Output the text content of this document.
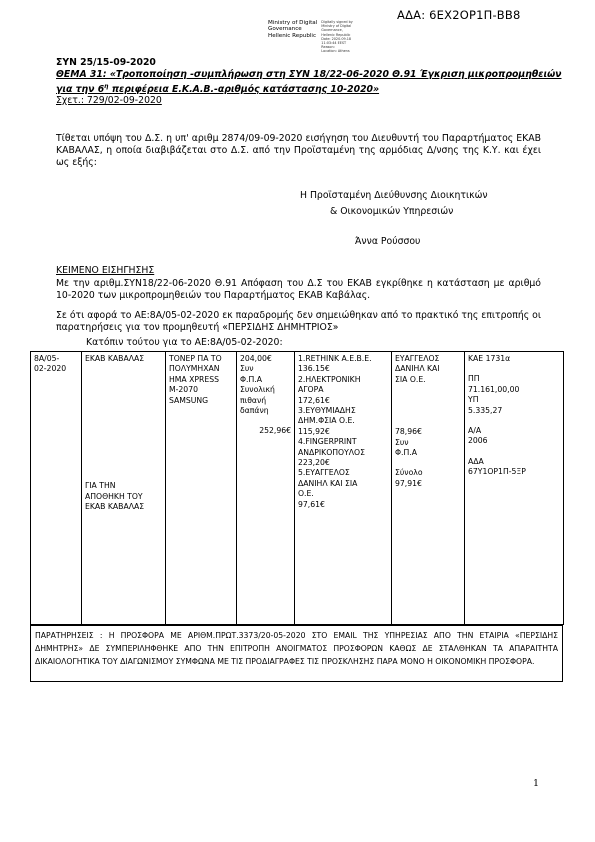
ΑΔΑ: 6ΕΧ2ΟΡ1Π-ΒΒ8
Ministry of Digital
Governance
Hellenic Republic
Digitally signed by
Ministry of Digital
Governance,
Hellenic Republic
Date: 2020.09.18
11:03:44 EEST
Reason:
Location: Athens
ΣΥΝ 25/15-09-2020
ΘΕΜΑ 31: «Τροποποίηση -συμπλήρωση στη ΣΥΝ 18/22-06-2020 Θ.91 Έγκριση μικροπρομηθειών
για την $6^\eta$ περιφέρεια Ε.Κ.Α.Β.-αριθμός κατάστασης 10-2020»
Σχετ.: 729/02-09-2020
Τίθεται υπόψη του Δ.Σ. η υπ' αριθμ 2874/09-09-2020 εισήγηση του Διευθυντή του Παραρτήματος ΕΚΑΒ ΚΑΒΑΛΑΣ, η οποία διαβιβάζεται στο Δ.Σ. από την Προϊσταμένη της αρμόδιας Δ/νσης της Κ.Υ. και έχει ως εξής:
Η Προϊσταμένη Διεύθυνσης Διοικητικών
& Οικονομικών Υπηρεσιών
Άννα Ρούσσου
ΚΕΙΜΕΝΟ ΕΙΣΗΓΗΣΗΣ
Με την αριθμ.ΣΥΝ18/22-06-2020 Θ.91 Απόφαση του Δ.Σ του ΕΚΑΒ εγκρίθηκε η κατάσταση με αριθμό 10-2020 των μικροπρομηθειών του Παραρτήματος ΕΚΑΒ Καβάλας.
Σε ότι αφορά το ΑΕ:8Α/05-02-2020 εκ παραδρομής δεν σημειώθηκαν από το πρακτικό της επιτροπής οι παρατηρήσεις για τον προμηθευτή «ΠΕΡΣΙΔΗΣ ΔΗΜΗΤΡΙΟΣ»
Κατόπιν τούτου για το ΑΕ:8Α/05-02-2020:
8Α/05-
02-2020

ΕΚΑΒ ΚΑΒΑΛΑΣ
ΓΙΑ ΤΗΝ
ΑΠΟΘΗΚΗ ΤΟΥ
ΕΚΑΒ ΚΑΒΑΛΑΣ

ΤΟΝΕΡ ΠΑ ΤΟ
ΠΟΛΥΜΗΧΑΝ
ΗΜΑ XPRESS
M-2070
SAMSUNG

204,00€
Συν
Φ.Π.Α
Συνολική
πιθανή
δαπάνη
252,96€

1.RETHINK Α.Ε.Β.Ε.
136.15€
2.ΗΛΕΚΤΡΟΝΙΚΗ
ΑΓΟΡΑ
172,61€
3.ΕΥΘΥΜΙΑΔΗΣ
ΔΗΜ.ΦΣΙΑ Ο.Ε.
115,92€
4.FINGERPRINT
ΑΝΔΡΙΚΟΠΟΥΛΟΣ
223,20€
5.ΕΥΑΓΓΕΛΟΣ
ΔΑΝΙΗΛ ΚΑΙ ΣΙΑ
Ο.Ε.
97,61€

ΕΥΑΓΓΕΛΟΣ
ΔΑΝΙΗΛ ΚΑΙ
ΣΙΑ Ο.Ε.
78,96€
Συν
Φ.Π.Α
Σύνολο
97,91€

ΚΑΕ 1731α
ΠΠ
71.161,00,00
ΥΠ
5.335,27
Α/Α
2006
ΑΔΑ
67Υ1ΟΡ1Π-5ΞΡ
ΠΑΡΑΤΗΡΗΣΕΙΣ : Η ΠΡΟΣΦΟΡΑ ΜΕ ΑΡΙΘΜ.ΠΡΩΤ.3373/20-05-2020 ΣΤΟ EMAIL ΤΗΣ ΥΠΗΡΕΣΙΑΣ ΑΠΟ ΤΗΝ ΕΤΑΙΡΙΑ «ΠΕΡΣΙΔΗΣ ΔΗΜΗΤΡΗΣ» ΔΕ ΣΥΜΠΕΡΙΛΗΦΘΗΚΕ ΑΠΟ ΤΗΝ ΕΠΙΤΡΟΠΗ ΑΝΟΙΓΜΑΤΟΣ ΠΡΟΣΦΟΡΩΝ ΚΑΘΩΣ ΔΕ ΣΤΑΛΘΗΚΑΝ ΤΑ ΑΠΑΡΑΙΤΗΤΑ ΔΙΚΑΙΟΛΟΓΗΤΙΚΑ ΤΟΥ ΔΙΑΓΩΝΙΣΜΟΥ ΣΥΜΦΩΝΑ ΜΕ ΤΙΣ ΠΡΟΔΙΑΓΡΑΦΕΣ ΤΙΣ ΠΡΟΣΚΛΗΣΗΣ ΠΑΡΑ ΜΟΝΟ Η ΟΙΚΟΝΟΜΙΚΗ ΠΡΟΣΦΟΡΑ.
1
